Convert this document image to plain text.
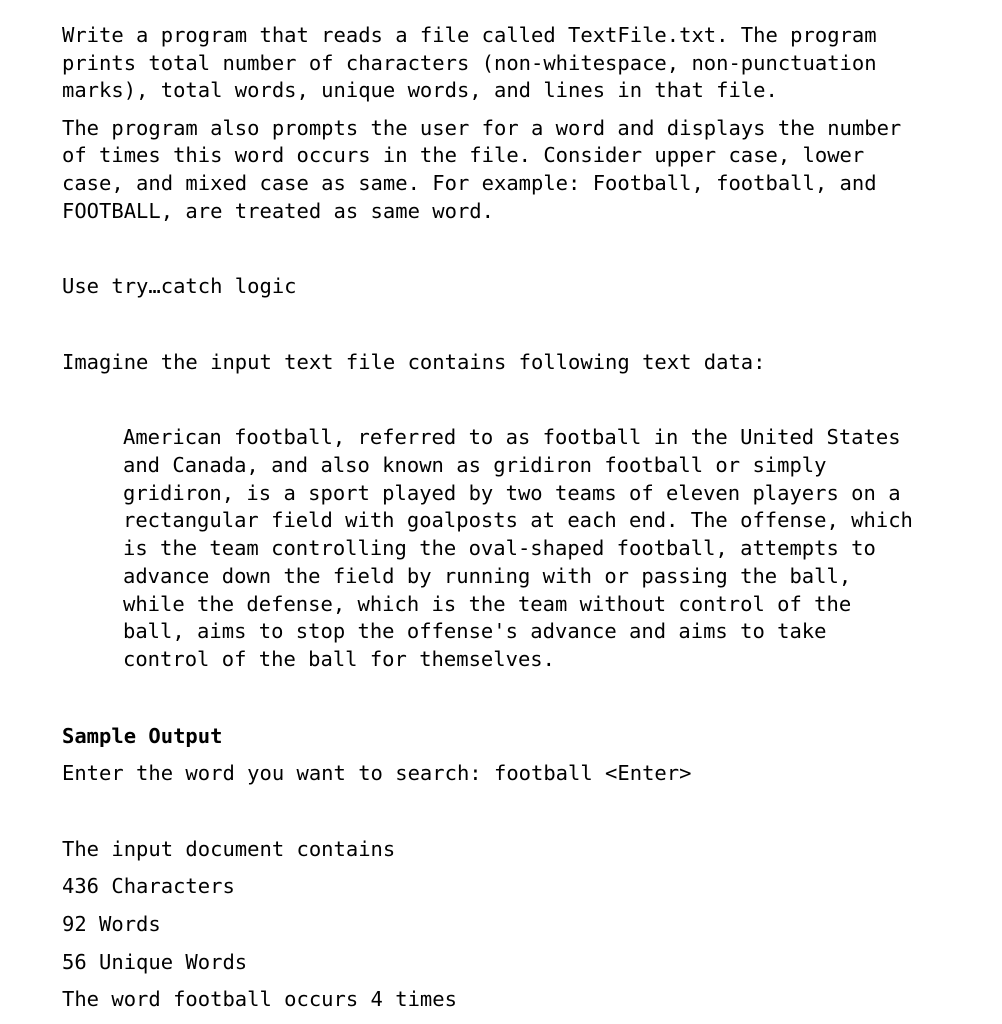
Write a program that reads a file called TextFile.txt. The program

prints total number of characters (non-whitespace, non-punctuation

marks), total words, unique words, and lines in that file.

The program also prompts the user for a word and displays the number

of times this word occurs in the file. Consider upper case, lower

case, and mixed case as same. For example: Football, football, and

FOOTBALL, are treated as same word.

Use try…catch logic

Imagine the input text file contains following text data:

American football, referred to as football in the United States

and Canada, and also known as gridiron football or simply

gridiron, is a sport played by two teams of eleven players on a

rectangular field with goalposts at each end. The offense, which

is the team controlling the oval-shaped football, attempts to

advance down the field by running with or passing the ball,

while the defense, which is the team without control of the

ball, aims to stop the offense's advance and aims to take

control of the ball for themselves.

Sample Output

Enter the word you want to search: football <Enter>

The input document contains

436 Characters

92 Words

56 Unique Words

The word football occurs 4 times
